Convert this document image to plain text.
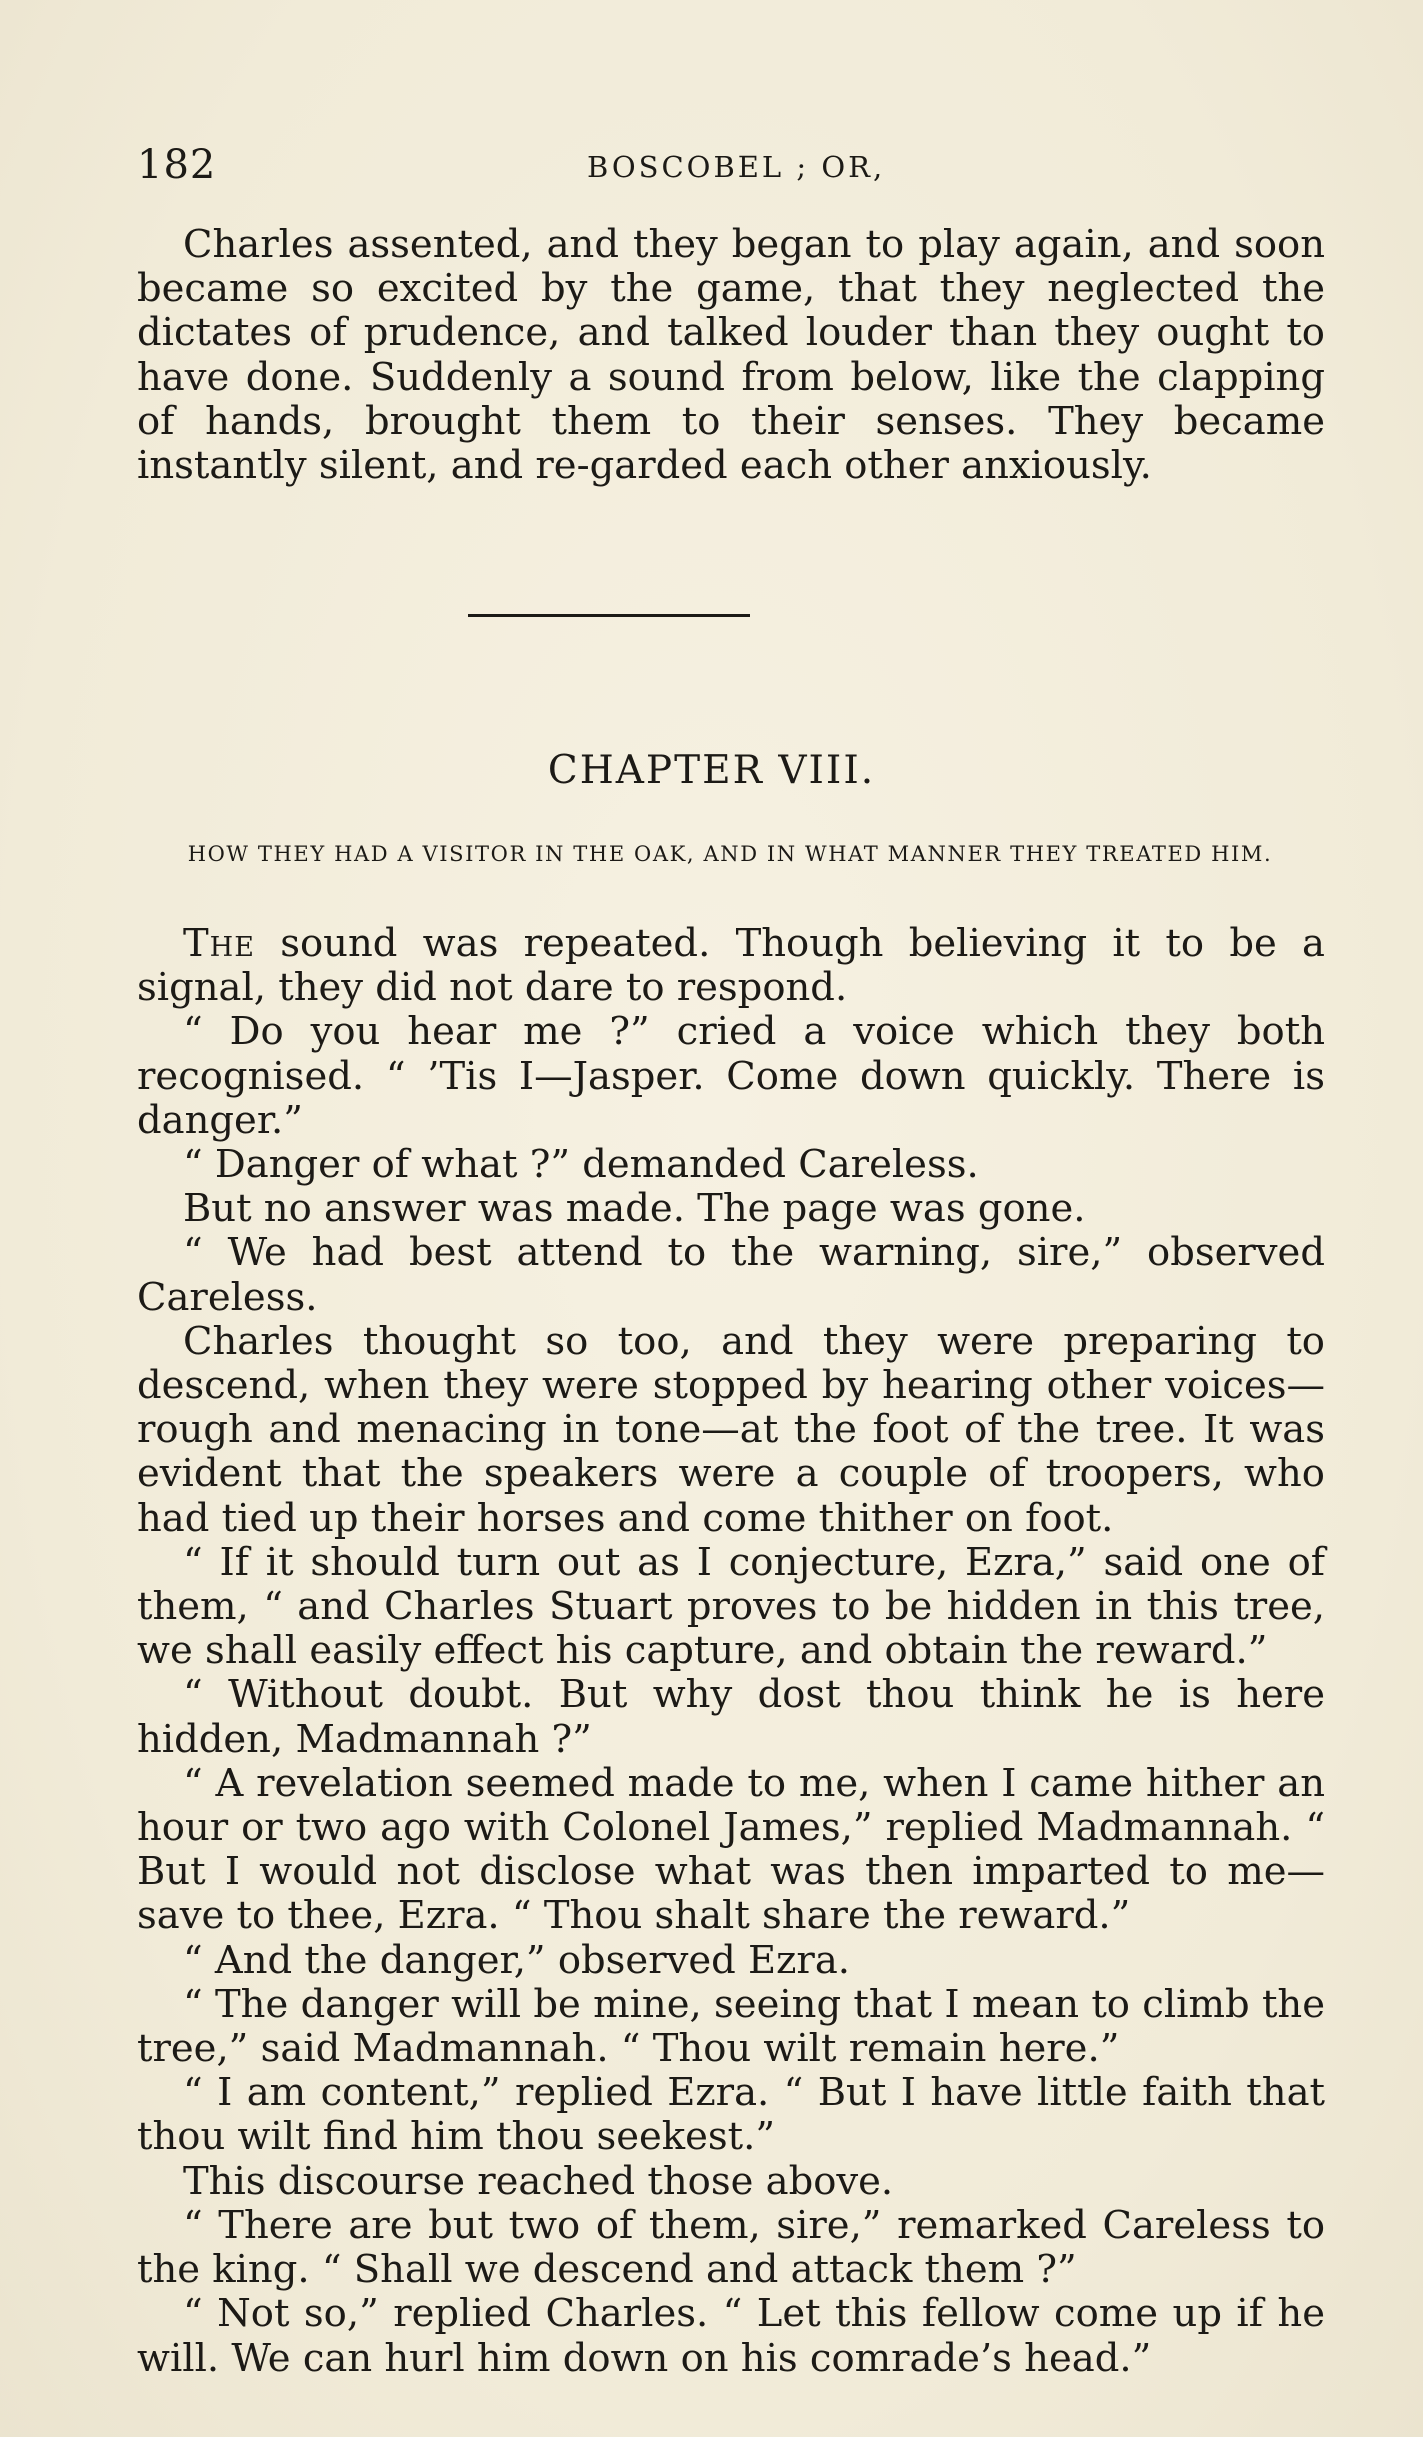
182	BOSCOBEL ; OR,

Charles assented, and they began to play again, and soon became so excited by the game, that they neglected the dictates of prudence, and talked louder than they ought to have done. Suddenly a sound from below, like the clapping of hands, brought them to their senses. They became instantly silent, and re-garded each other anxiously.

CHAPTER VIII.
HOW THEY HAD A VISITOR IN THE OAK, AND IN WHAT MANNER THEY TREATED HIM.

The sound was repeated. Though believing it to be a signal, they did not dare to respond.

“ Do you hear me ?” cried a voice which they both recognised. “ ’Tis I—Jasper. Come down quickly. There is danger.”

“ Danger of what ?” demanded Careless.

But no answer was made. The page was gone.

“ We had best attend to the warning, sire,” observed Careless.

Charles thought so too, and they were preparing to descend, when they were stopped by hearing other voices—rough and menacing in tone—at the foot of the tree. It was evident that the speakers were a couple of troopers, who had tied up their horses and come thither on foot.

“ If it should turn out as I conjecture, Ezra,” said one of them, “ and Charles Stuart proves to be hidden in this tree, we shall easily effect his capture, and obtain the reward.”

“ Without doubt. But why dost thou think he is here hidden, Madmannah ?”

“ A revelation seemed made to me, when I came hither an hour or two ago with Colonel James,” replied Madmannah. “ But I would not disclose what was then imparted to me—save to thee, Ezra. “ Thou shalt share the reward.”

“ And the danger,” observed Ezra.

“ The danger will be mine, seeing that I mean to climb the tree,” said Madmannah. “ Thou wilt remain here.”

“ I am content,” replied Ezra. “ But I have little faith that thou wilt find him thou seekest.”

This discourse reached those above.

“ There are but two of them, sire,” remarked Careless to the king. “ Shall we descend and attack them ?”

“ Not so,” replied Charles. “ Let this fellow come up if he will. We can hurl him down on his comrade’s head.”
